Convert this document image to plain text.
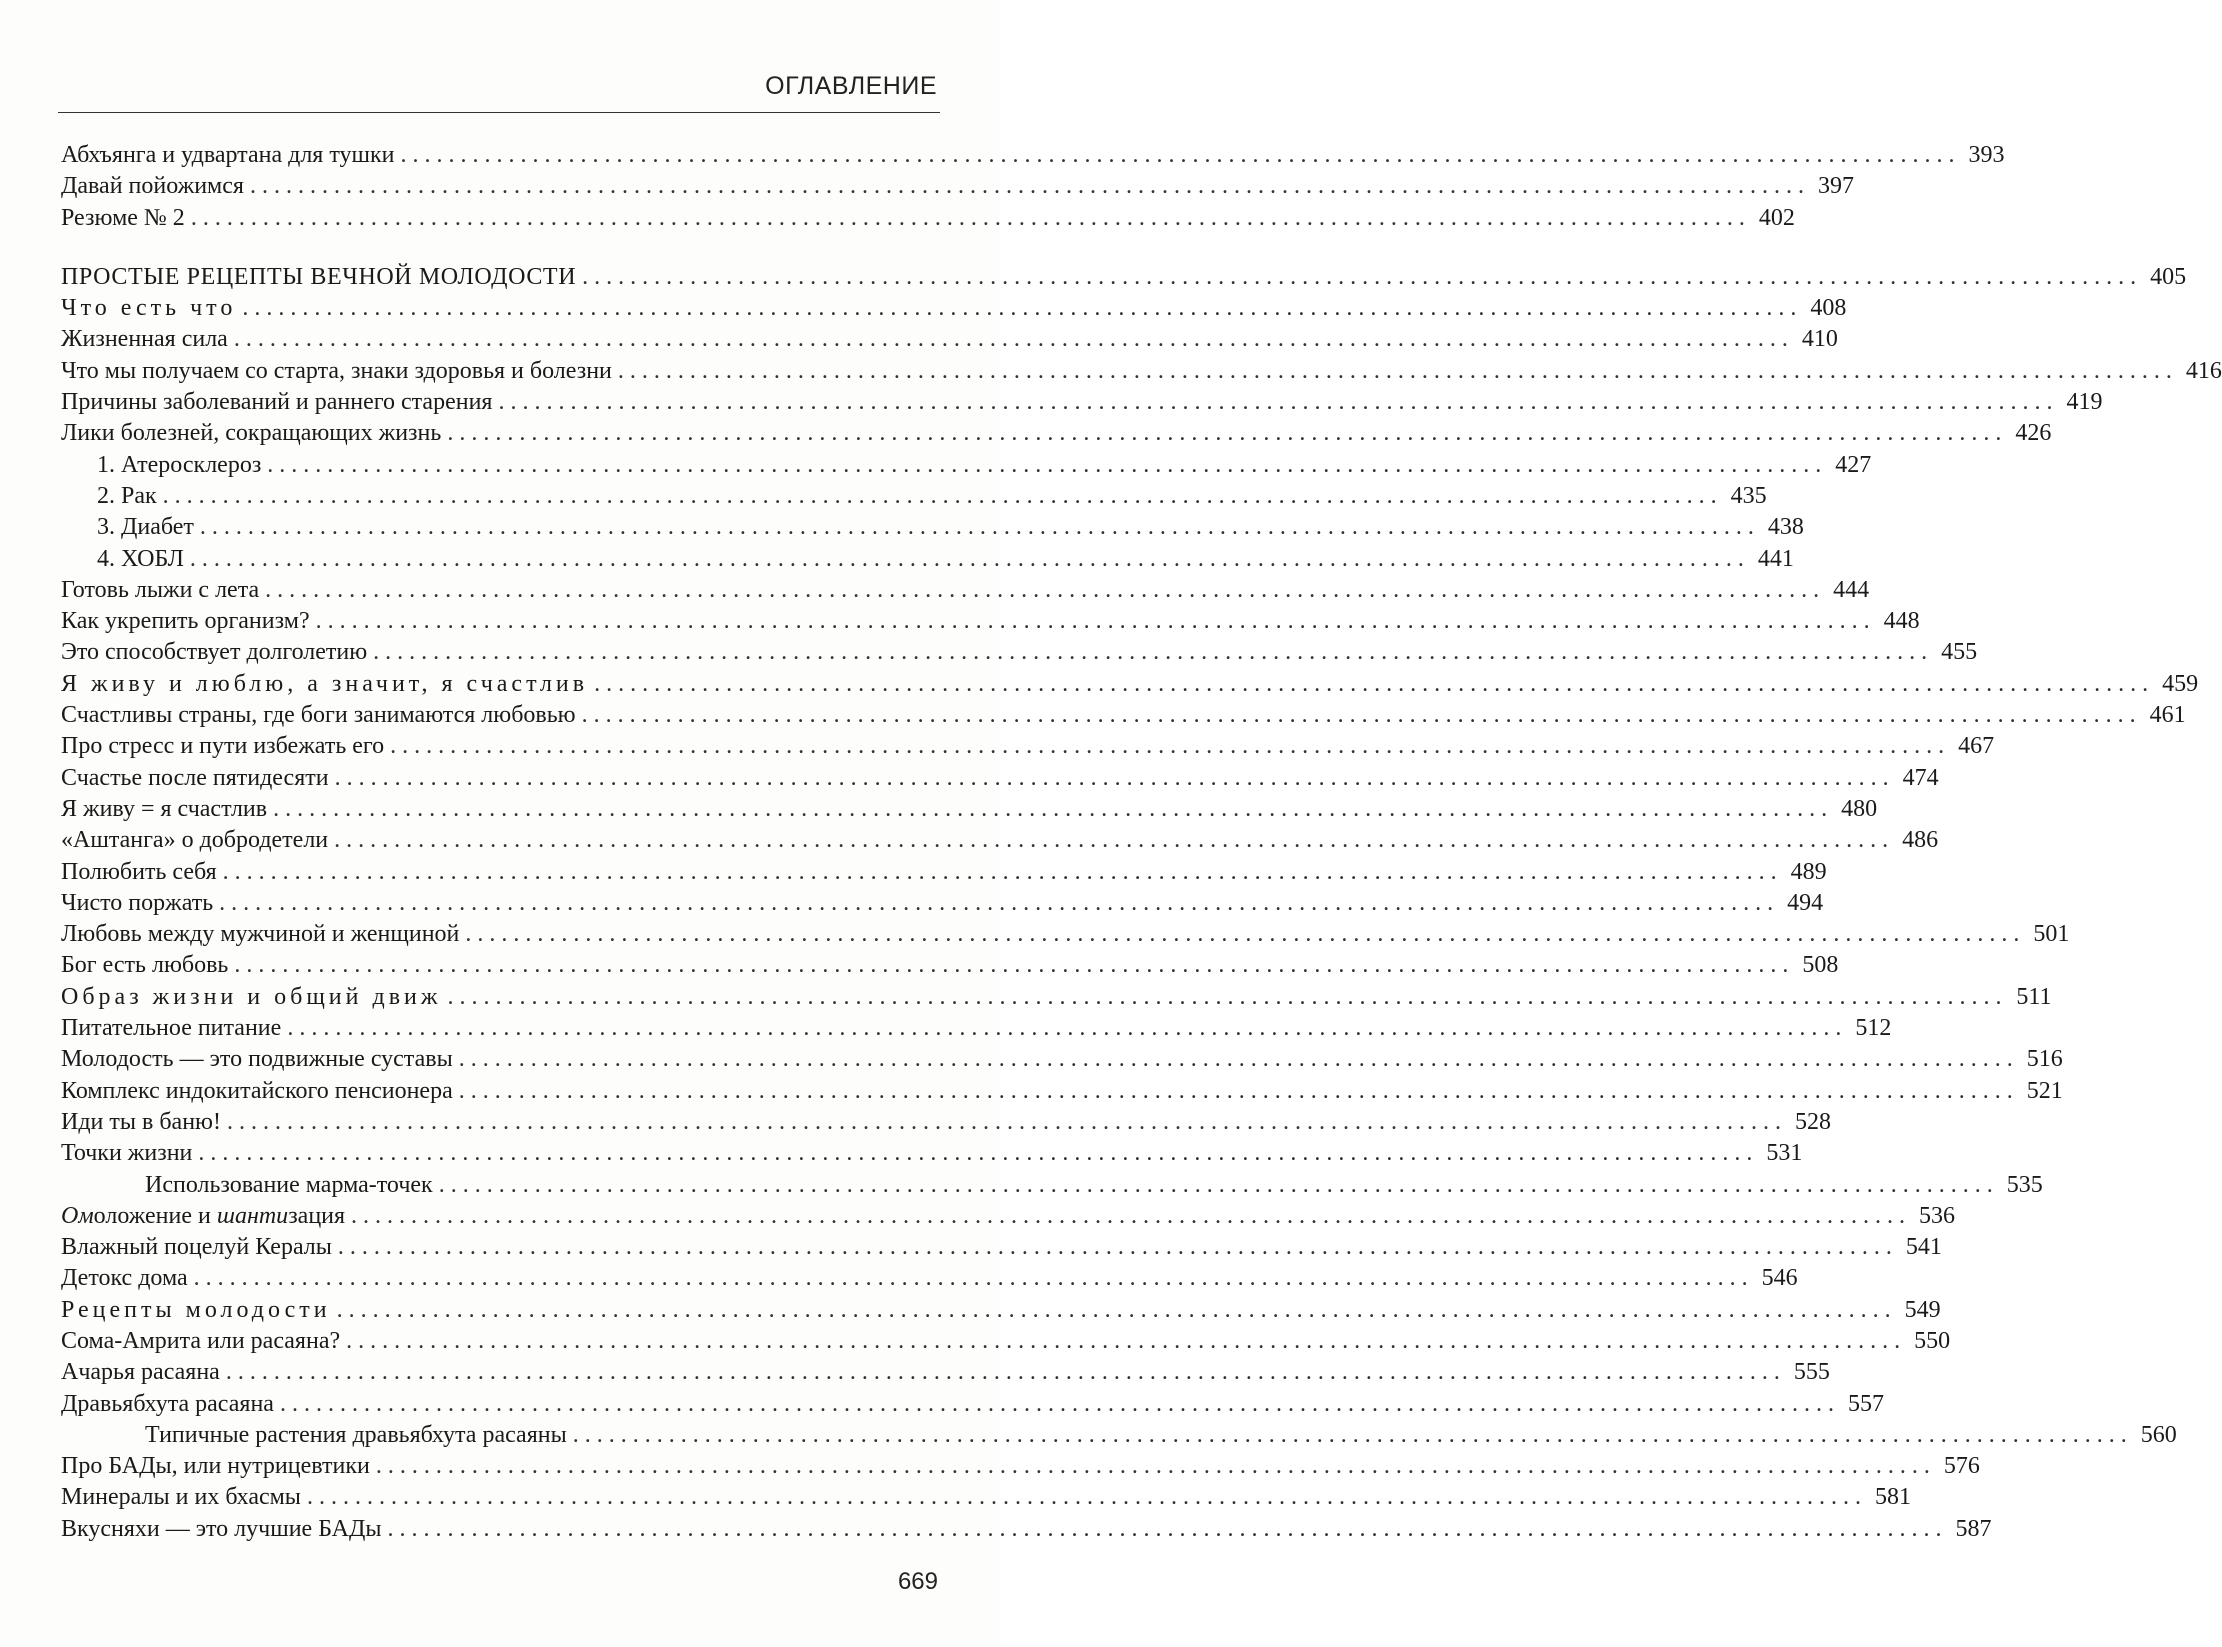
ОГЛАВЛЕНИЕ
Абхъянга и удвартана для тушки . . .	393
Давай пойожимся . . .	397
Резюме № 2 . . .	402
ПРОСТЫЕ РЕЦЕПТЫ ВЕЧНОЙ МОЛОДОСТИ . . .	405
Что есть что . . .	408
Жизненная сила . . .	410
Что мы получаем со старта, знаки здоровья и болезни . . .	416
Причины заболеваний и раннего старения . . .	419
Лики болезней, сокращающих жизнь . . .	426
1. Атеросклероз . . .	427
2. Рак . . .	435
3. Диабет . . .	438
4. ХОБЛ . . .	441
Готовь лыжи с лета . . .	444
Как укрепить организм? . . .	448
Это способствует долголетию . . .	455
Я живу и люблю, а значит, я счастлив . . .	459
Счастливы страны, где боги занимаются любовью . . .	461
Про стресс и пути избежать его . . .	467
Счастье после пятидесяти . . .	474
Я живу = я счастлив . . .	480
«Аштанга» о добродетели . . .	486
Полюбить себя . . .	489
Чисто поржать . . .	494
Любовь между мужчиной и женщиной . . .	501
Бог есть любовь . . .	508
Образ жизни и общий движ . . .	511
Питательное питание . . .	512
Молодость — это подвижные суставы . . .	516
Комплекс индокитайского пенсионера . . .	521
Иди ты в баню! . . .	528
Точки жизни . . .	531
Использование марма-точек . . .	535
Омоложение и шантизация . . .	536
Влажный поцелуй Кералы . . .	541
Детокс дома . . .	546
Рецепты молодости . . .	549
Сома-Амрита или расаяна? . . .	550
Ачарья расаяна . . .	555
Дравьябхута расаяна . . .	557
Типичные растения дравьябхута расаяны . . .	560
Про БАДы, или нутрицевтики . . .	576
Минералы и их бхасмы . . .	581
Вкусняхи — это лучшие БАДы . . .	587
669
